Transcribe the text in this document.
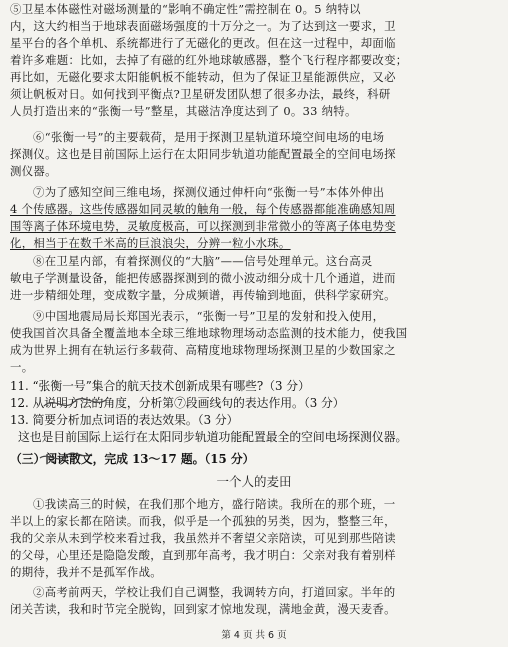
⑤卫星本体磁性对磁场测量的“影响不确定性”需控制在 0。5 纳特以
内，这大约相当于地球表面磁场强度的十万分之一。为了达到这一要求，卫
星平台的各个单机、系统都进行了无磁化的更改。但在这一过程中，却面临
着许多难题：比如，去掉了有磁的红外地球敏感器，整个飞行程序都要改变；
再比如，无磁化要求太阳能帆板不能转动，但为了保证卫星能源供应，又必
须让帆板对日。如何找到平衡点?卫星研发团队想了很多办法，最终，科研
人员打造出来的“张衡一号”整星，其磁洁净度达到了 0。33 纳特。
⑥“张衡一号”的主要载荷，是用于探测卫星轨道环境空间电场的电场
探测仪。这也是目前国际上运行在太阳同步轨道功能配置最全的空间电场探
测仪器。
⑦为了感知空间三维电场，探测仪通过伸杆向“张衡一号”本体外伸出
4 个传感器。这些传感器如同灵敏的触角一般，每个传感器都能准确感知周
围等离子体环境电势，灵敏度极高，可以探测到非常微小的等离子体电势变
化，相当于在数千米高的巨浪浪尖，分辨一粒小水珠。
⑧在卫星内部，有着探测仪的“大脑”——信号处理单元。这台高灵
敏电子学测量设备，能把传感器探测到的微小波动细分成十几个通道，进而
进一步精细处理，变成数字量，分成频谱，再传输到地面，供科学家研究。
⑨中国地震局局长郑国光表示，“张衡一号”卫星的发射和投入使用，
使我国首次具备全覆盖地本全球三维地球物理场动态监测的技术能力，使我国
成为世界上拥有在轨运行多载荷、高精度地球物理场探测卫星的少数国家之
一。
11. “张衡一号”集合的航天技术创新成果有哪些?（3 分）
12. 从说明方法的角度，分析第⑦段画线句的表达作用。（3 分）
13. 简要分析加点词语的表达效果。（3 分）
这也是目前国际上运行在太阳同步轨道功能配置最全的空间电场探测仪器。
（三）阅读散文，完成 13～17 题。（15 分）
一个人的麦田
①我读高三的时候，在我们那个地方，盛行陪读。我所在的那个班，一
半以上的家长都在陪读。而我，似乎是一个孤独的另类，因为，整整三年，
我的父亲从未到学校来看过我，我虽然并不奢望父亲陪读，可见到那些陪读
的父母，心里还是隐隐发酸，直到那年高考，我才明白：父亲对我有着别样
的期待，我并不是孤军作战。
②高考前两天，学校让我们自己调整，我调转方向，打道回家。半年的
闭关苦读，我和时节完全脱钩，回到家才惊地发现，满地金黄，漫天麦香。
第 4 页 共 6 页
